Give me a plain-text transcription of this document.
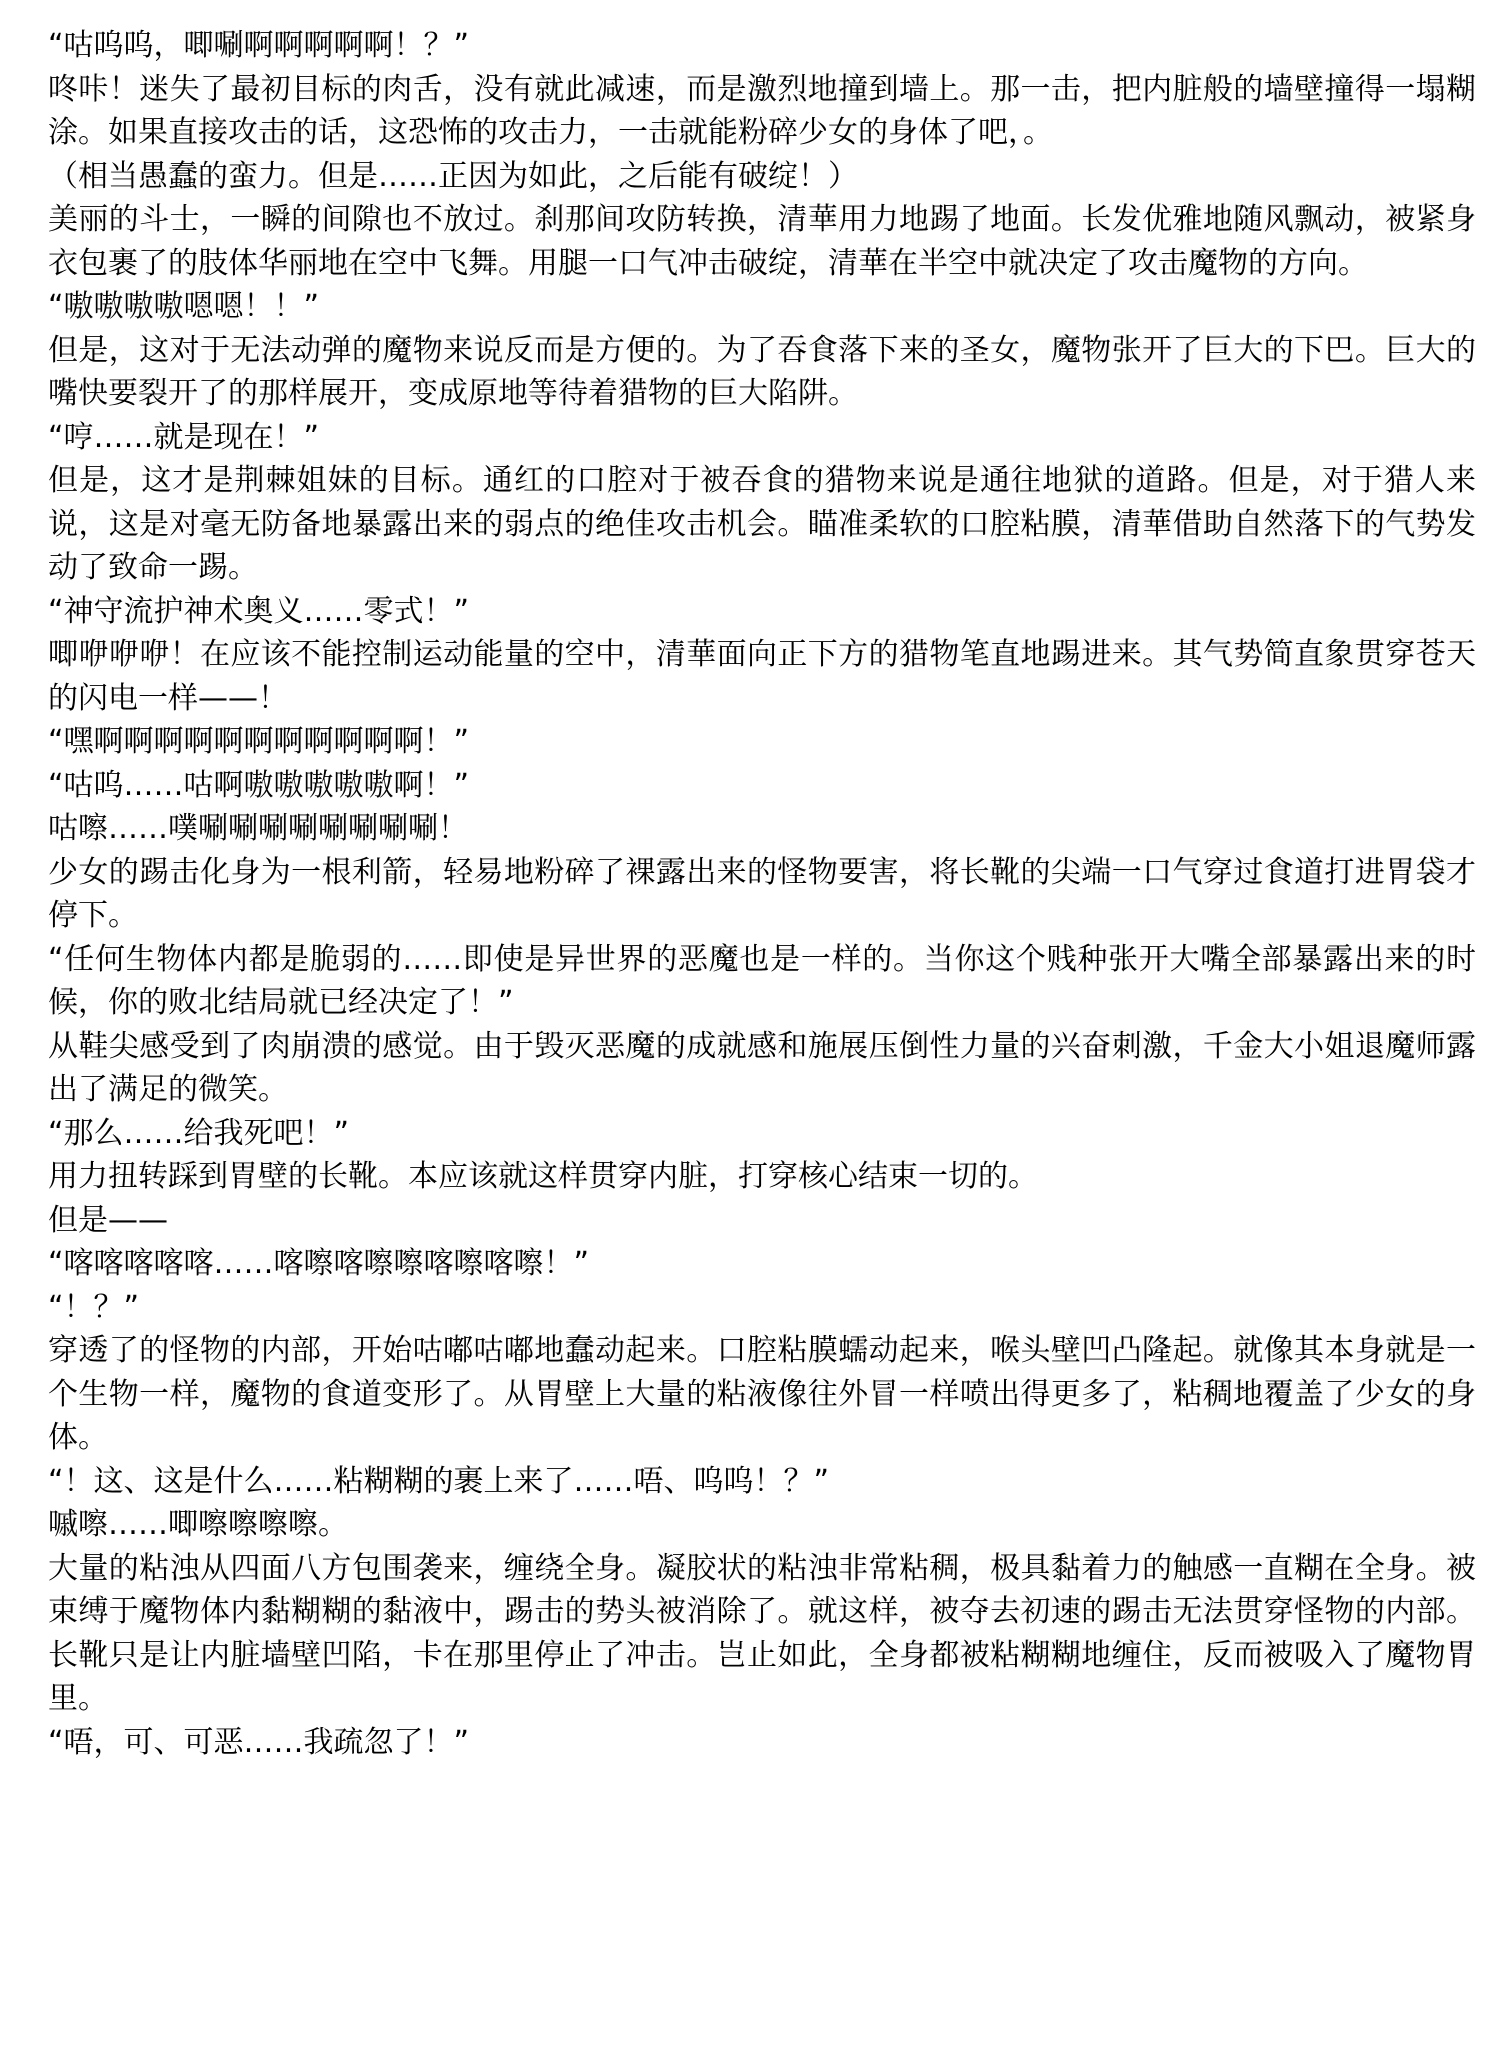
“咕呜呜，唧唰啊啊啊啊啊！？”

咚咔！迷失了最初目标的肉舌，没有就此减速，而是激烈地撞到墙上。那一击，把内脏般的墙壁撞得一塌糊涂。如果直接攻击的话，这恐怖的攻击力，一击就能粉碎少女的身体了吧，。

（相当愚蠢的蛮力。但是……正因为如此，之后能有破绽！）

美丽的斗士，一瞬的间隙也不放过。刹那间攻防转换，清華用力地踢了地面。长发优雅地随风飘动，被紧身衣包裹了的肢体华丽地在空中飞舞。用腿一口气冲击破绽，清華在半空中就决定了攻击魔物的方向。

“嗷嗷嗷嗷嗯嗯！！”

但是，这对于无法动弹的魔物来说反而是方便的。为了吞食落下来的圣女，魔物张开了巨大的下巴。巨大的嘴快要裂开了的那样展开，变成原地等待着猎物的巨大陷阱。

“哼……就是现在！”

但是，这才是荆棘姐妹的目标。通红的口腔对于被吞食的猎物来说是通往地狱的道路。但是，对于猎人来说，这是对毫无防备地暴露出来的弱点的绝佳攻击机会。瞄准柔软的口腔粘膜，清華借助自然落下的气势发动了致命一踢。

“神守流护神术奥义……零式！”

唧咿咿咿！在应该不能控制运动能量的空中，清華面向正下方的猎物笔直地踢进来。其气势简直象贯穿苍天的闪电一样——！

“嘿啊啊啊啊啊啊啊啊啊啊啊！”

“咕呜……咕啊嗷嗷嗷嗷嗷啊！”

咕嚓……噗唰唰唰唰唰唰唰唰！

少女的踢击化身为一根利箭，轻易地粉碎了裸露出来的怪物要害，将长靴的尖端一口气穿过食道打进胃袋才停下。

“任何生物体内都是脆弱的……即使是异世界的恶魔也是一样的。当你这个贱种张开大嘴全部暴露出来的时候，你的败北结局就已经决定了！”

从鞋尖感受到了肉崩溃的感觉。由于毁灭恶魔的成就感和施展压倒性力量的兴奋刺激，千金大小姐退魔师露出了满足的微笑。

“那么……给我死吧！”

用力扭转踩到胃壁的长靴。本应该就这样贯穿内脏，打穿核心结束一切的。

但是——

“喀喀喀喀喀……喀嚓喀嚓嚓喀嚓喀嚓！”

“！？”

穿透了的怪物的内部，开始咕嘟咕嘟地蠢动起来。口腔粘膜蠕动起来，喉头壁凹凸隆起。就像其本身就是一个生物一样，魔物的食道变形了。从胃壁上大量的粘液像往外冒一样喷出得更多了，粘稠地覆盖了少女的身体。

“！这、这是什么……粘糊糊的裹上来了……唔、呜呜！？”

嘁嚓……唧嚓嚓嚓嚓。

大量的粘浊从四面八方包围袭来，缠绕全身。凝胶状的粘浊非常粘稠，极具黏着力的触感一直糊在全身。被束缚于魔物体内黏糊糊的黏液中，踢击的势头被消除了。就这样，被夺去初速的踢击无法贯穿怪物的内部。长靴只是让内脏墙壁凹陷，卡在那里停止了冲击。岂止如此，全身都被粘糊糊地缠住，反而被吸入了魔物胃里。

“唔，可、可恶……我疏忽了！”
